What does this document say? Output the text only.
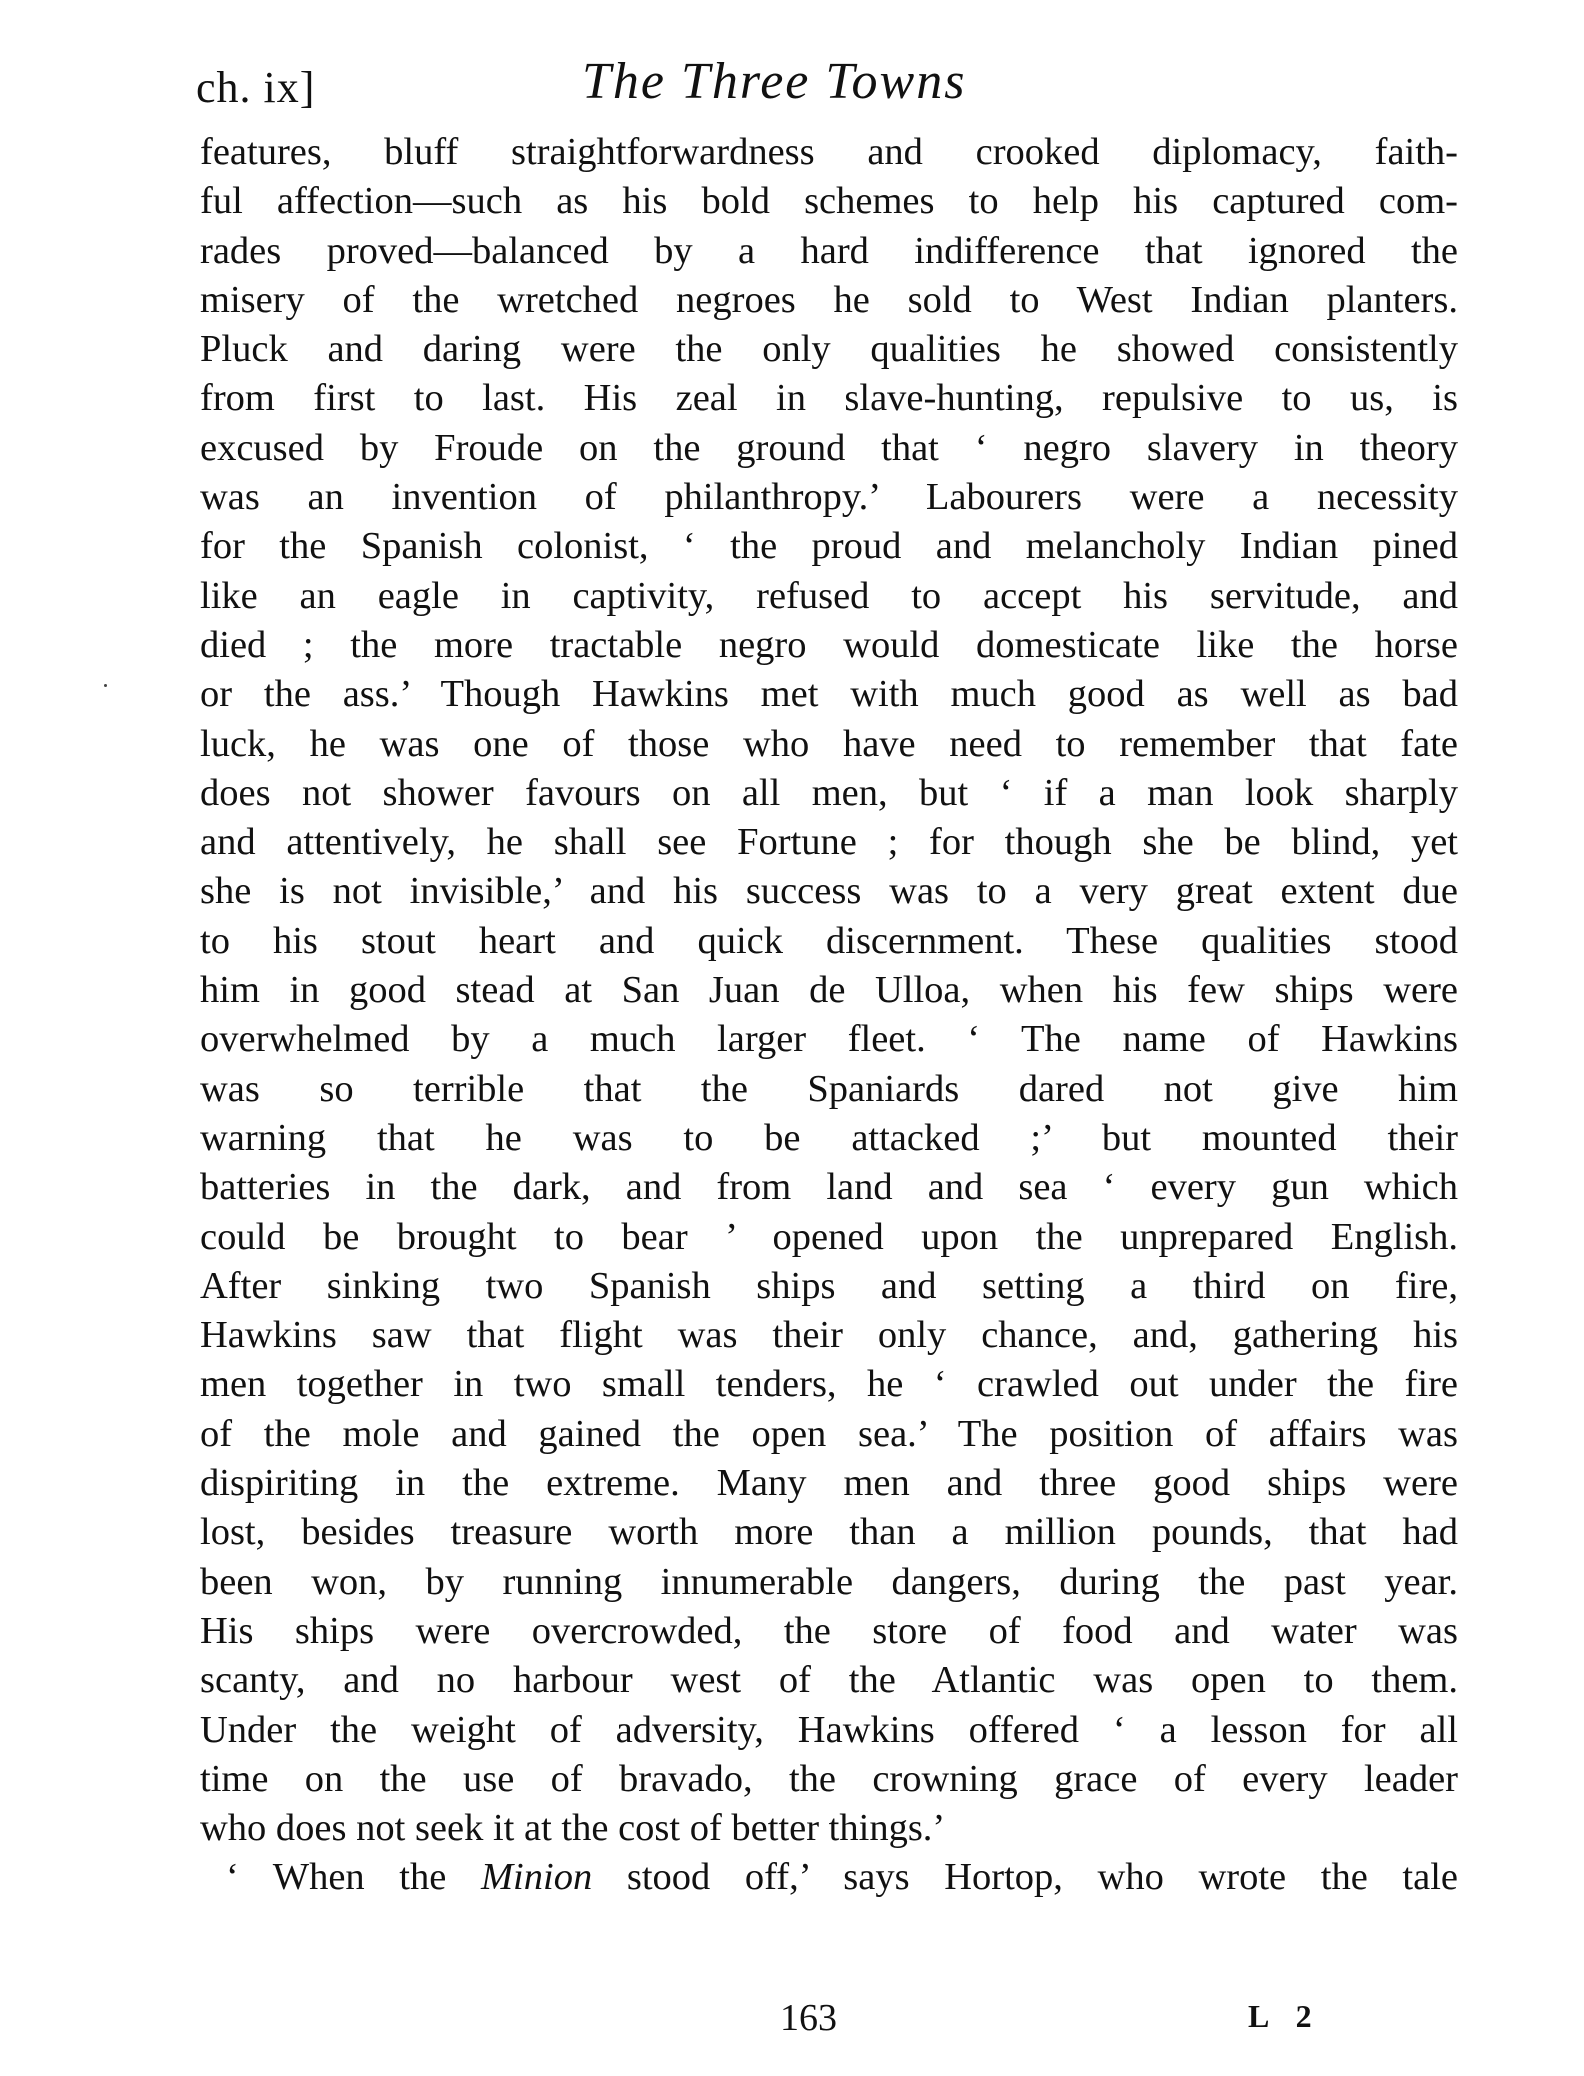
ch. ix]	The Three Towns
features, bluff straightforwardness and crooked diplomacy, faith-
ful affection—such as his bold schemes to help his captured com-
rades proved—balanced by a hard indifference that ignored the
misery of the wretched negroes he sold to West Indian planters.
Pluck and daring were the only qualities he showed consistently
from first to last. His zeal in slave-hunting, repulsive to us, is
excused by Froude on the ground that ‘ negro slavery in theory
was an invention of philanthropy.’ Labourers were a necessity
for the Spanish colonist, ‘ the proud and melancholy Indian pined
like an eagle in captivity, refused to accept his servitude, and
died ; the more tractable negro would domesticate like the horse
or the ass.’ Though Hawkins met with much good as well as bad
luck, he was one of those who have need to remember that fate
does not shower favours on all men, but ‘ if a man look sharply
and attentively, he shall see Fortune ; for though she be blind, yet
she is not invisible,’ and his success was to a very great extent due
to his stout heart and quick discernment. These qualities stood
him in good stead at San Juan de Ulloa, when his few ships were
overwhelmed by a much larger fleet. ‘ The name of Hawkins
was so terrible that the Spaniards dared not give him
warning that he was to be attacked ;’ but mounted their
batteries in the dark, and from land and sea ‘ every gun which
could be brought to bear ’ opened upon the unprepared English.
After sinking two Spanish ships and setting a third on fire,
Hawkins saw that flight was their only chance, and, gathering his
men together in two small tenders, he ‘ crawled out under the fire
of the mole and gained the open sea.’ The position of affairs was
dispiriting in the extreme. Many men and three good ships were
lost, besides treasure worth more than a million pounds, that had
been won, by running innumerable dangers, during the past year.
His ships were overcrowded, the store of food and water was
scanty, and no harbour west of the Atlantic was open to them.
Under the weight of adversity, Hawkins offered ‘ a lesson for all
time on the use of bravado, the crowning grace of every leader
who does not seek it at the cost of better things.’
‘ When the Minion stood off,’ says Hortop, who wrote the tale
163	L 2
